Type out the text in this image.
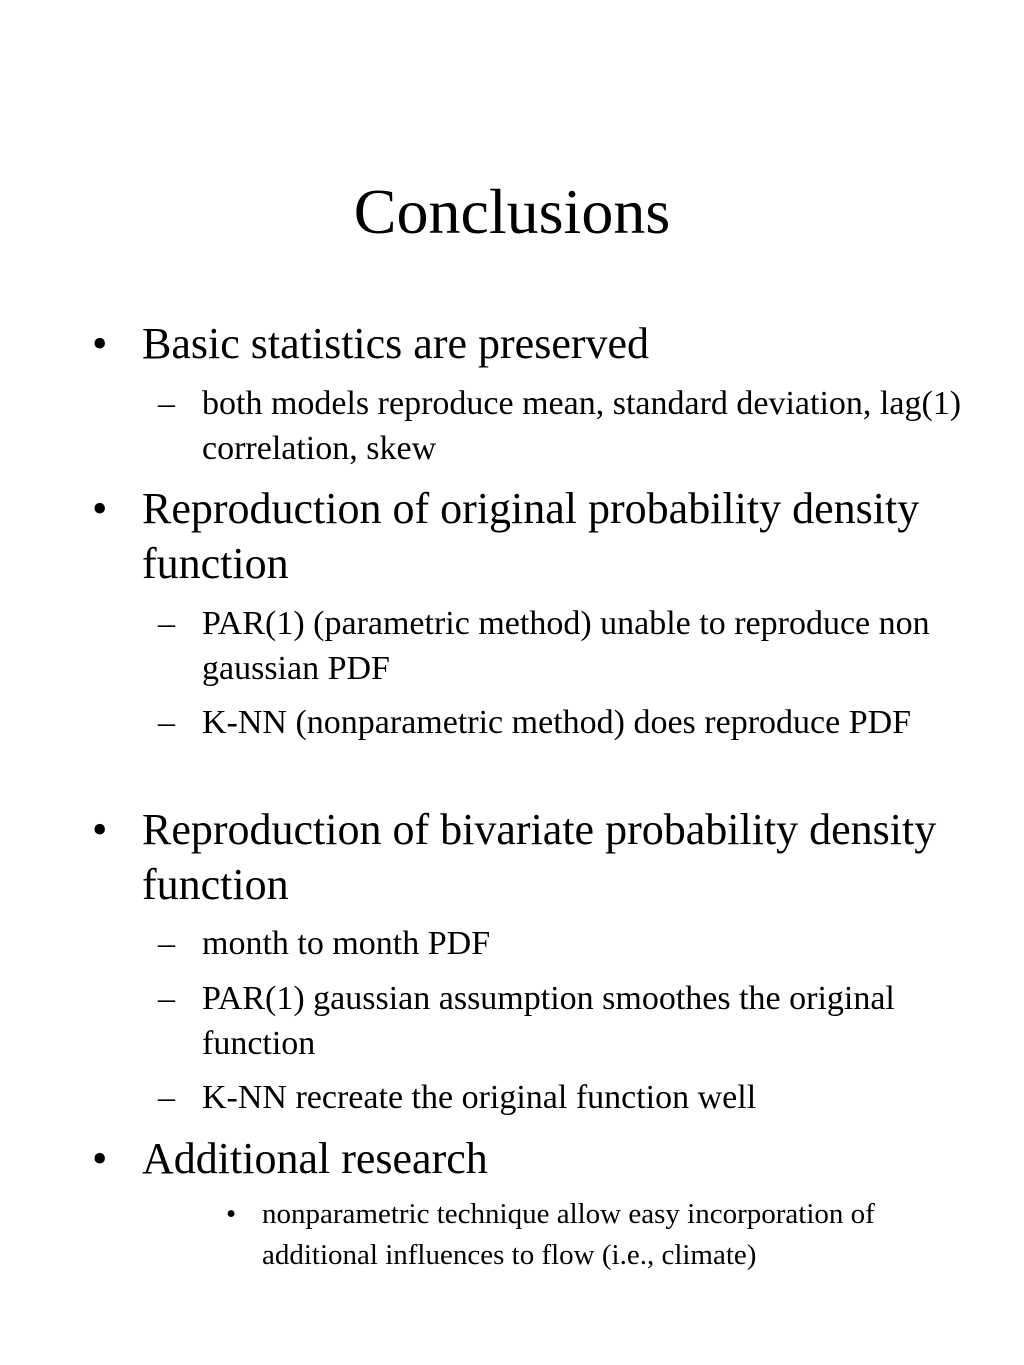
Conclusions
• Basic statistics are preserved
– both models reproduce mean, standard deviation, lag(1) correlation, skew
• Reproduction of original probability density function
– PAR(1) (parametric method) unable to reproduce non gaussian PDF
– K-NN (nonparametric method) does reproduce PDF
• Reproduction of bivariate probability density function
– month to month PDF
– PAR(1) gaussian assumption smoothes the original function
– K-NN recreate the original function well
• Additional research
• nonparametric technique allow easy incorporation of additional influences to flow (i.e., climate)
